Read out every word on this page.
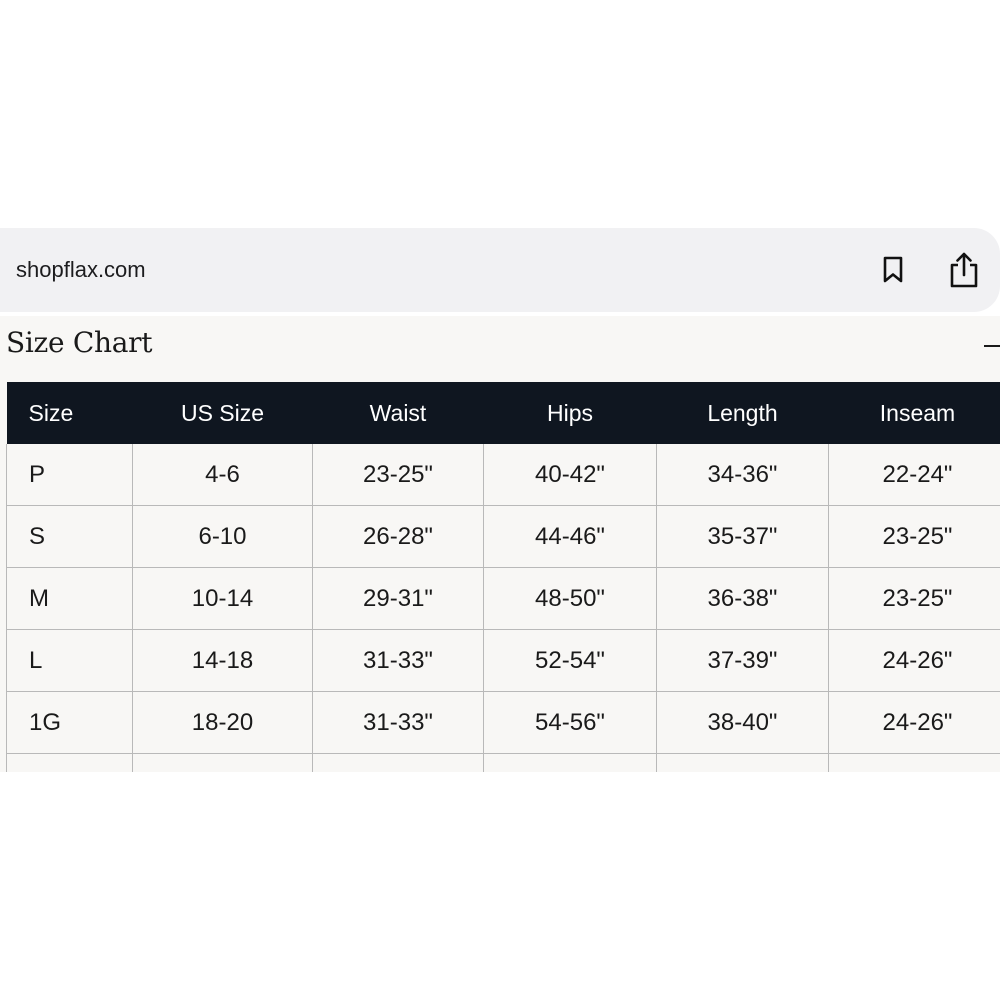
shopflax.com
Size Chart
Size	US Size	Waist	Hips	Length	Inseam
P	4-6	23-25"	40-42"	34-36"	22-24"
S	6-10	26-28"	44-46"	35-37"	23-25"
M	10-14	29-31"	48-50"	36-38"	23-25"
L	14-18	31-33"	52-54"	37-39"	24-26"
1G	18-20	31-33"	54-56"	38-40"	24-26"
